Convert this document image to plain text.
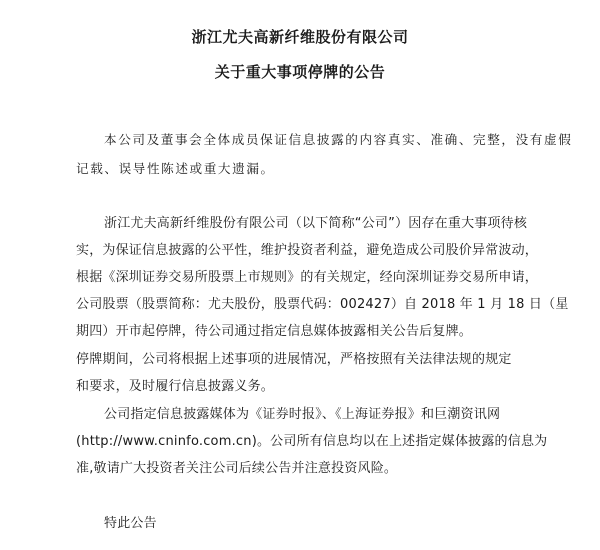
浙江尤夫高新纤维股份有限公司
关于重大事项停牌的公告
本公司及董事会全体成员保证信息披露的内容真实、准确、完整，没有虚假
记载、误导性陈述或重大遗漏。
浙江尤夫高新纤维股份有限公司（以下简称“公司”）因存在重大事项待核
实，为保证信息披露的公平性，维护投资者利益，避免造成公司股价异常波动，
根据《深圳证券交易所股票上市规则》的有关规定，经向深圳证券交易所申请，
公司股票（股票简称：尤夫股份，股票代码：002427）自 2018 年 1 月 18 日（星
期四）开市起停牌，待公司通过指定信息媒体披露相关公告后复牌。
停牌期间，公司将根据上述事项的进展情况，严格按照有关法律法规的规定
和要求，及时履行信息披露义务。
公司指定信息披露媒体为《证券时报》、《上海证券报》和巨潮资讯网
(http://www.cninfo.com.cn)。公司所有信息均以在上述指定媒体披露的信息为
准,敬请广大投资者关注公司后续公告并注意投资风险。
特此公告
